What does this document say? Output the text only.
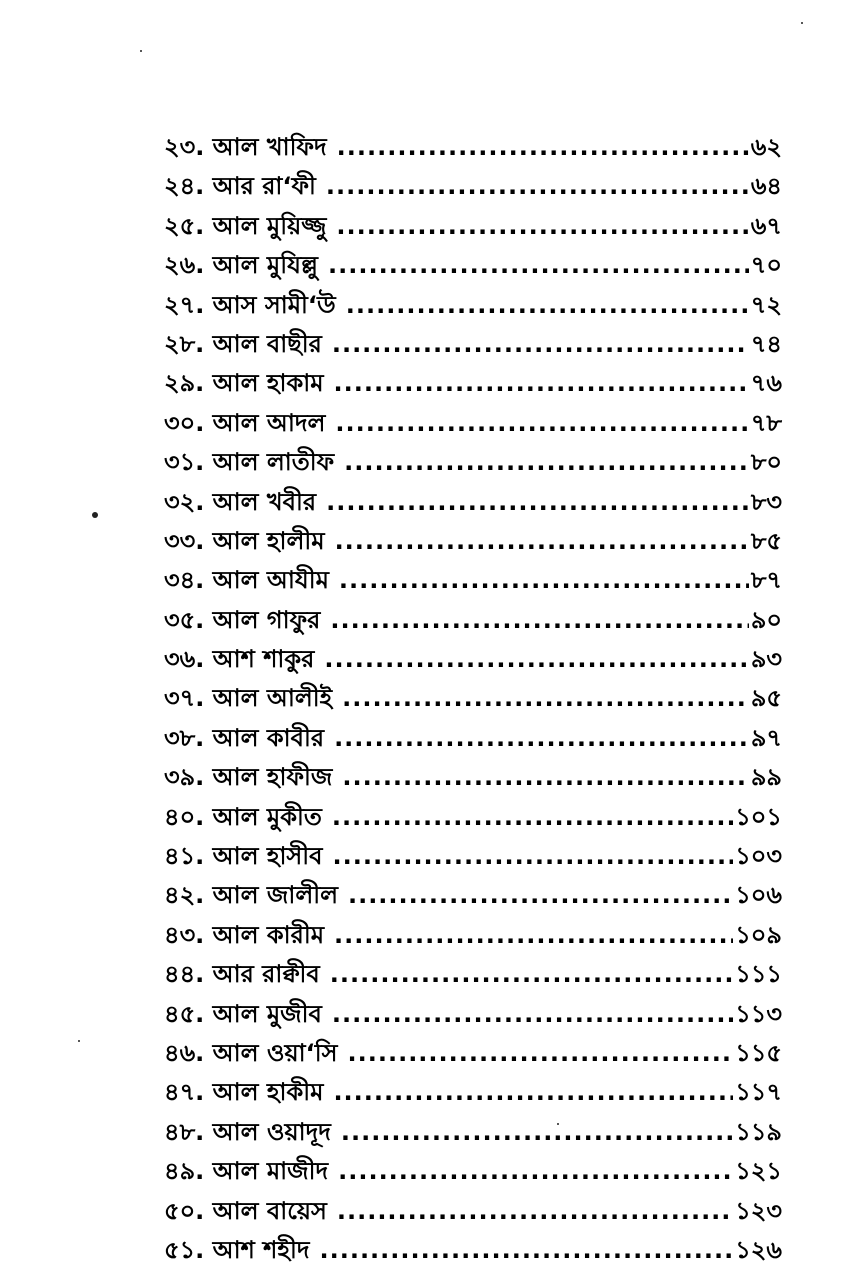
২৩. আল খাফিদ .....	৬২
২৪. আর রা‘ফী .....	৬৪
২৫. আল মুয়িজ্জু .....	৬৭
২৬. আল মুযিল্লু .....	৭০
২৭. আস সামী‘উ .....	৭২
২৮. আল বাছীর .....	৭৪
২৯. আল হাকাম .....	৭৬
৩০. আল আদল .....	৭৮
৩১. আল লাতীফ .....	৮০
৩২. আল খবীর .....	৮৩
৩৩. আল হালীম .....	৮৫
৩৪. আল আযীম .....	৮৭
৩৫. আল গাফুর .....	৯০
৩৬. আশ শাকুর .....	৯৩
৩৭. আল আলীই .....	৯৫
৩৮. আল কাবীর .....	৯৭
৩৯. আল হাফীজ .....	৯৯
৪০. আল মুকীত .....	১০১
৪১. আল হাসীব .....	১০৩
৪২. আল জালীল .....	১০৬
৪৩. আল কারীম .....	১০৯
৪৪. আর রাক্বীব .....	১১১
৪৫. আল মুজীব .....	১১৩
৪৬. আল ওয়া‘সি .....	১১৫
৪৭. আল হাকীম .....	১১৭
৪৮. আল ওয়াদূদ .....	১১৯
৪৯. আল মাজীদ .....	১২১
৫০. আল বায়েস .....	১২৩
৫১. আশ শহীদ .....	১২৬
